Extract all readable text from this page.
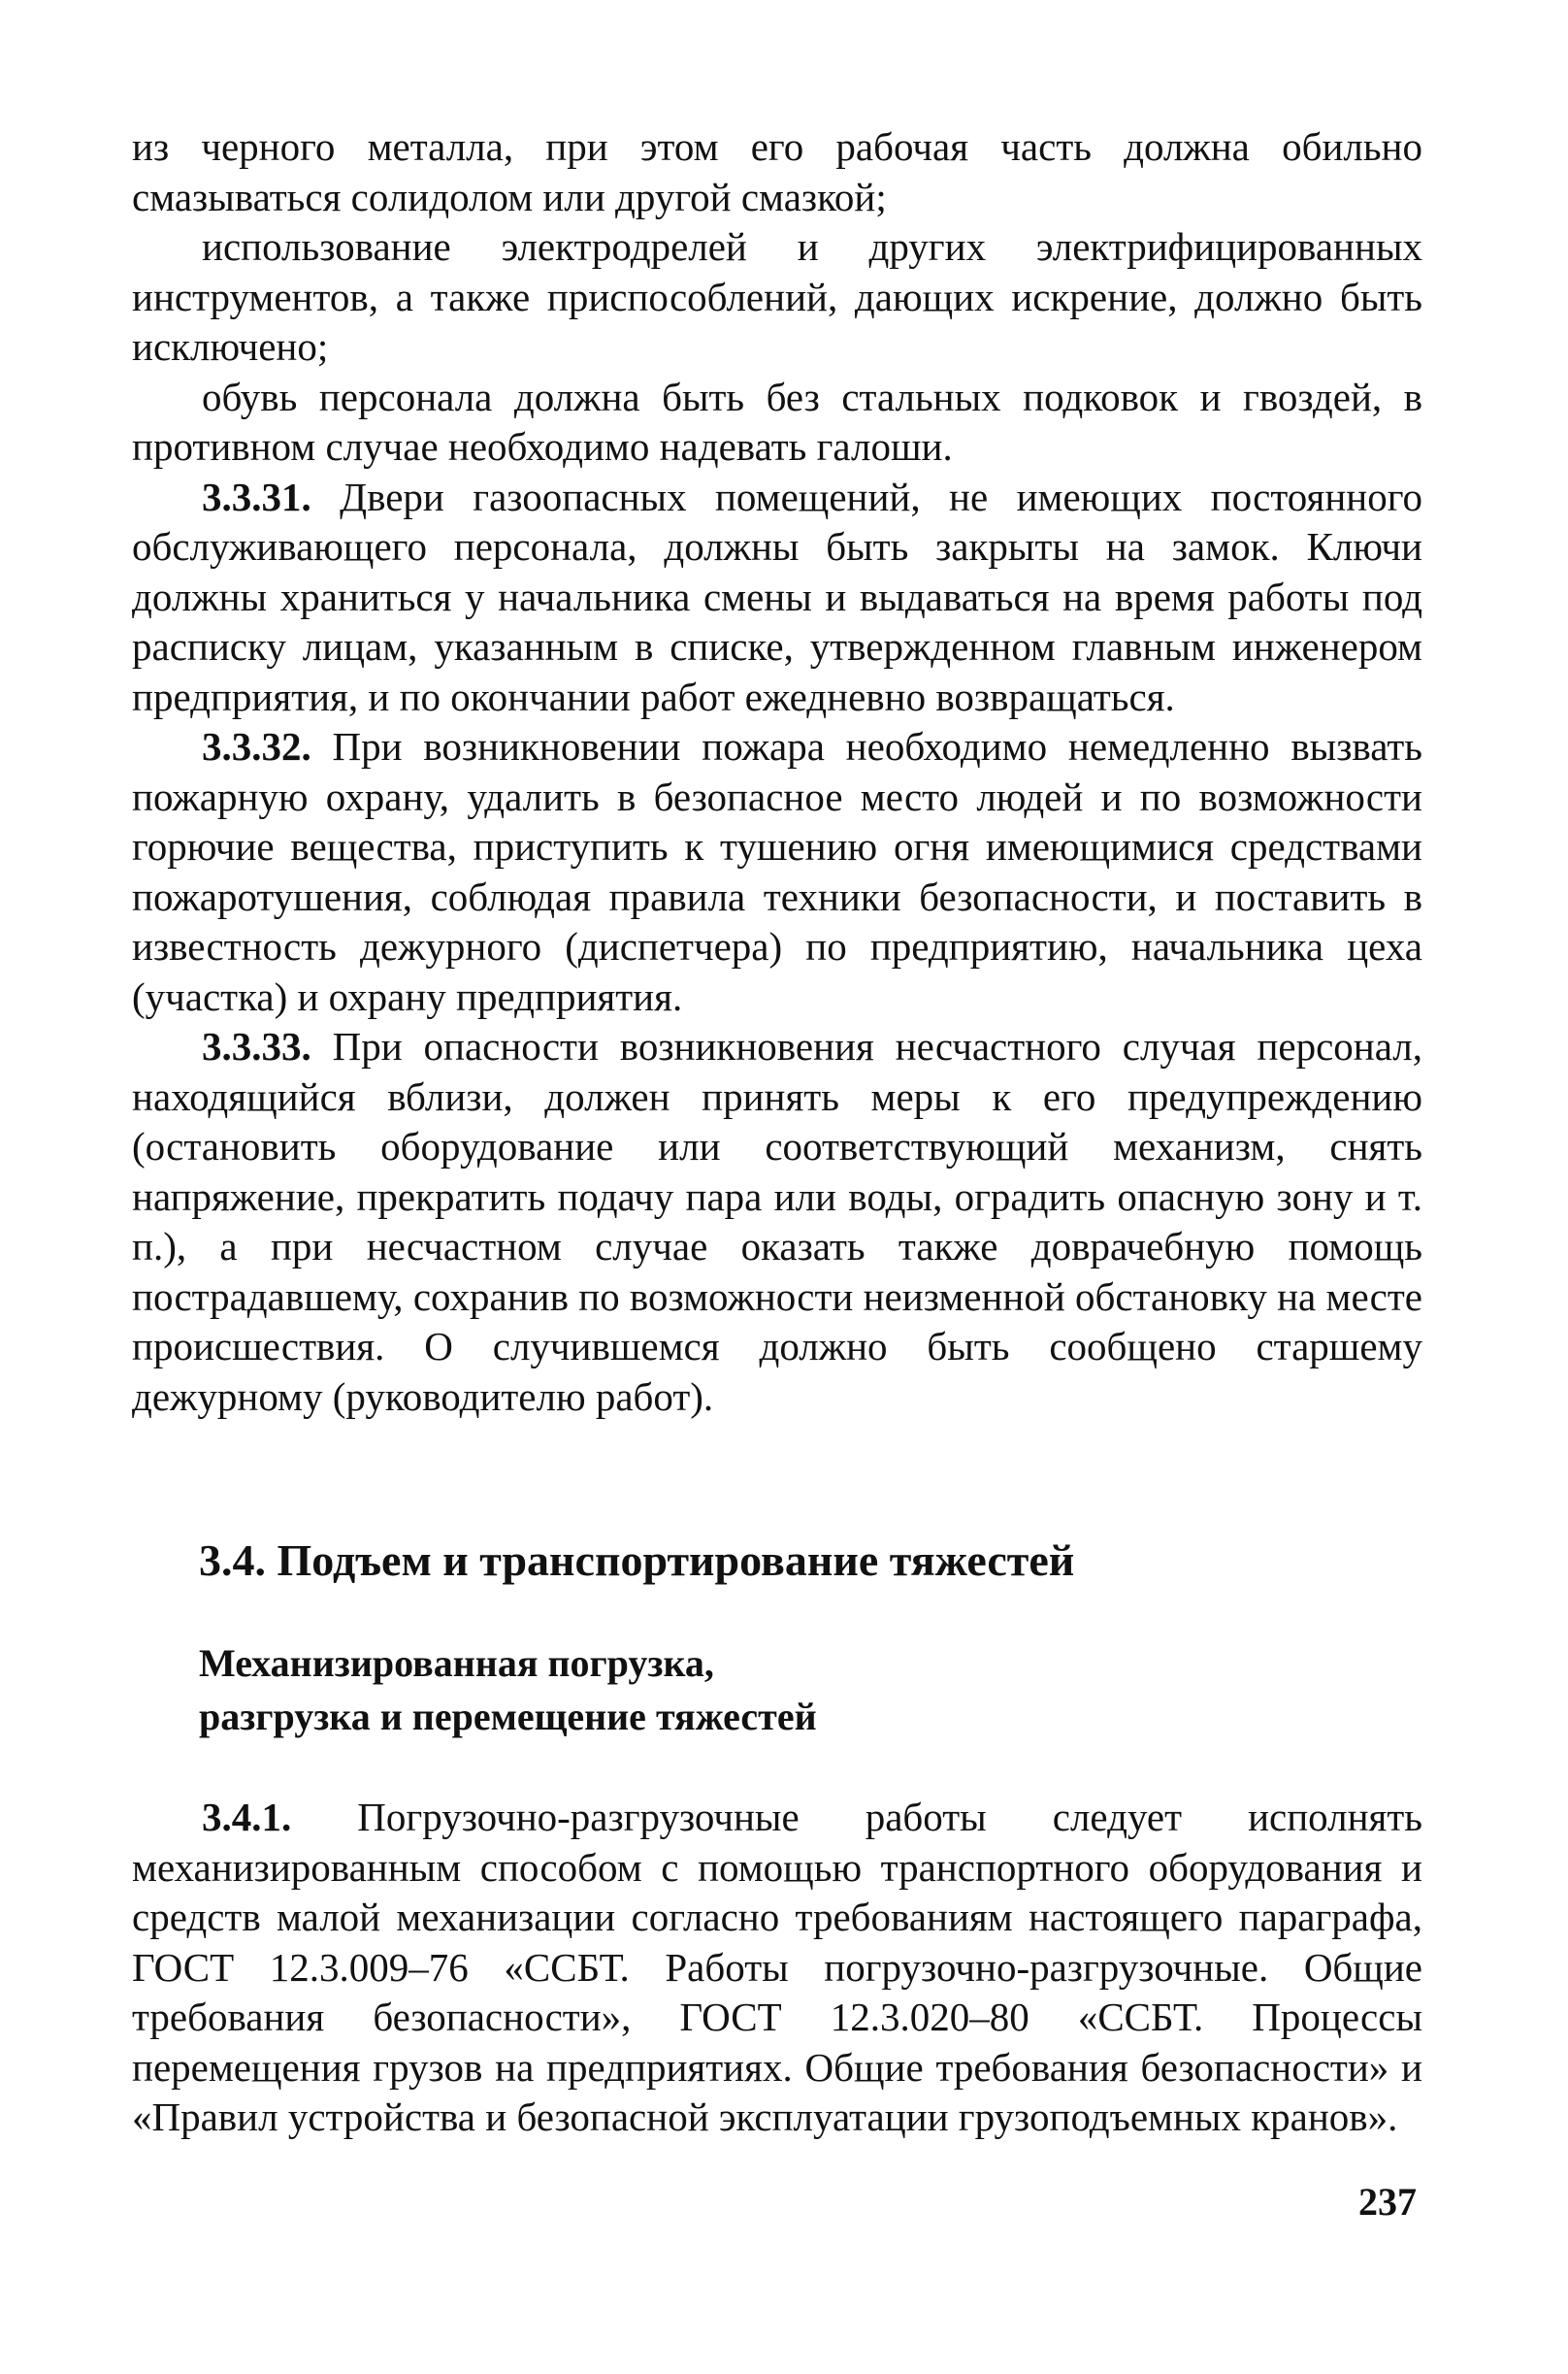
из черного металла, при этом его рабочая часть должна обильно смазываться солидолом или другой смазкой;

использование электродрелей и других электрифицированных инструментов, а также приспособлений, дающих искрение, должно быть исключено;

обувь персонала должна быть без стальных подковок и гвоздей, в противном случае необходимо надевать галоши.

3.3.31. Двери газоопасных помещений, не имеющих постоянного обслуживающего персонала, должны быть закрыты на замок. Ключи должны храниться у начальника смены и выдаваться на время работы под расписку лицам, указанным в списке, утвержденном главным инженером предприятия, и по окончании работ ежедневно возвращаться.

3.3.32. При возникновении пожара необходимо немедленно вызвать пожарную охрану, удалить в безопасное место людей и по возможности горючие вещества, приступить к тушению огня имеющимися средствами пожаротушения, соблюдая правила техники безопасности, и поставить в известность дежурного (диспетчера) по предприятию, начальника цеха (участка) и охрану предприятия.

3.3.33. При опасности возникновения несчастного случая персонал, находящийся вблизи, должен принять меры к его предупреждению (остановить оборудование или соответствующий механизм, снять напряжение, прекратить подачу пара или воды, оградить опасную зону и т. п.), а при несчастном случае оказать также доврачебную помощь пострадавшему, сохранив по возможности неизменной обстановку на месте происшествия. О случившемся должно быть сообщено старшему дежурному (руководителю работ).

3.4. Подъем и транспортирование тяжестей
Механизированная погрузка,
разгрузка и перемещение тяжестей

3.4.1. Погрузочно-разгрузочные работы следует исполнять механизированным способом с помощью транспортного оборудования и средств малой механизации согласно требованиям настоящего параграфа, ГОСТ 12.3.009–76 «ССБТ. Работы погрузочно-разгрузочные. Общие требования безопасности», ГОСТ 12.3.020–80 «ССБТ. Процессы перемещения грузов на предприятиях. Общие требования безопасности» и «Правил устройства и безопасной эксплуатации грузоподъемных кранов».

237
